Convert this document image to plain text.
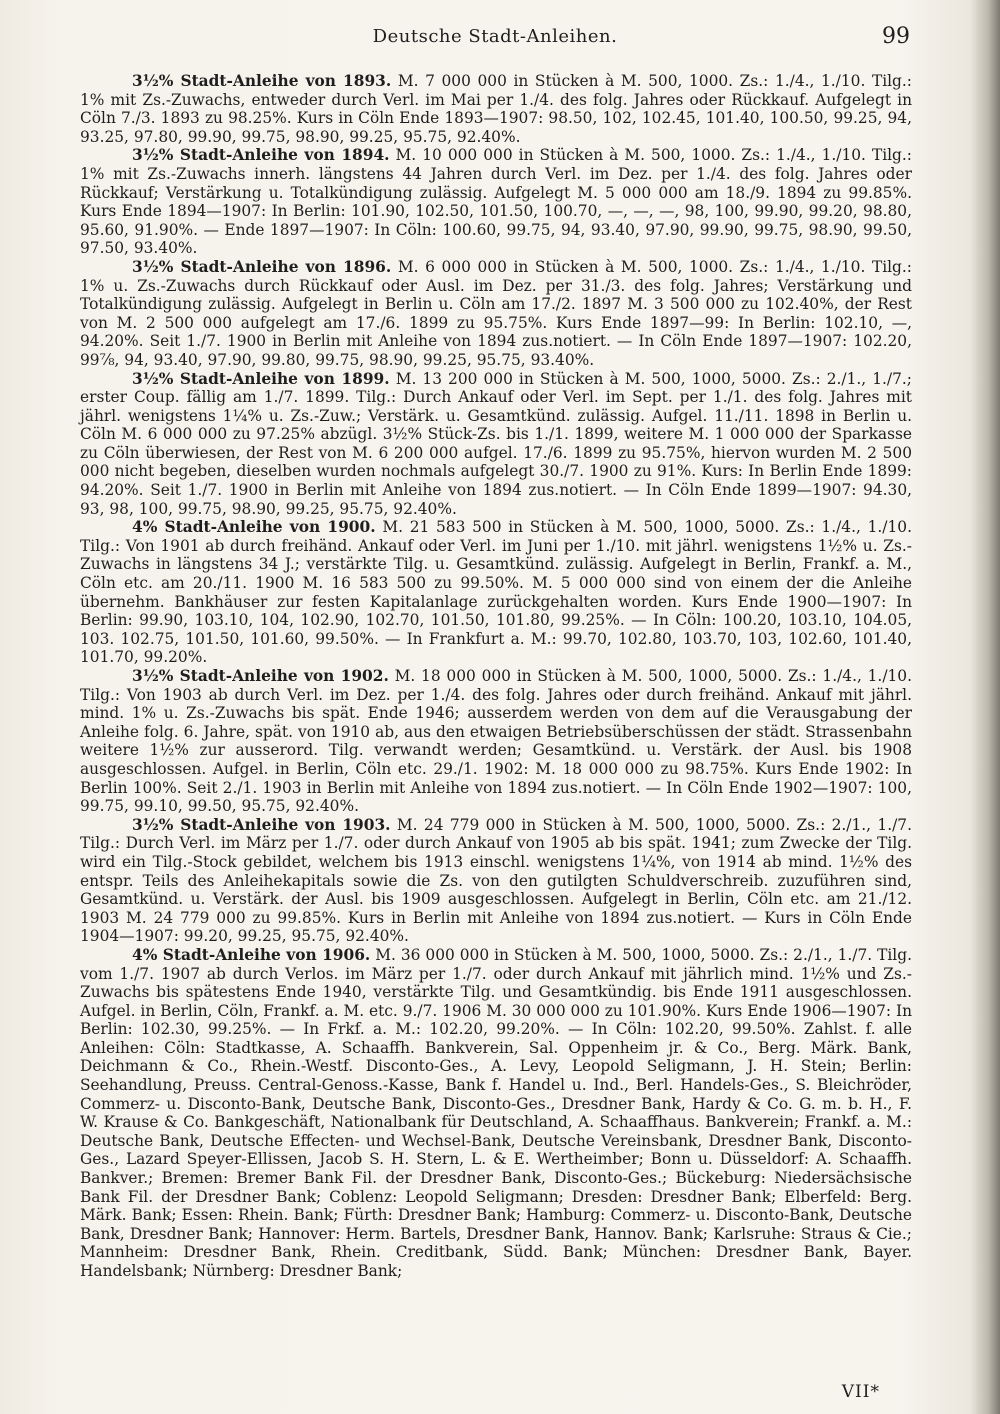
Deutsche Stadt-Anleihen.	99

3½% Stadt-Anleihe von 1893. M. 7 000 000 in Stücken à M. 500, 1000. Zs.: 1./4., 1./10. Tilg.: 1% mit Zs.-Zuwachs, entweder durch Verl. im Mai per 1./4. des folg. Jahres oder Rückkauf. Aufgelegt in Cöln 7./3. 1893 zu 98.25%. Kurs in Cöln Ende 1893—1907: 98.50, 102, 102.45, 101.40, 100.50, 99.25, 94, 93.25, 97.80, 99.90, 99.75, 98.90, 99.25, 95.75, 92.40%.

3½% Stadt-Anleihe von 1894. M. 10 000 000 in Stücken à M. 500, 1000. Zs.: 1./4., 1./10. Tilg.: 1% mit Zs.-Zuwachs innerh. längstens 44 Jahren durch Verl. im Dez. per 1./4. des folg. Jahres oder Rückkauf; Verstärkung u. Totalkündigung zulässig. Aufgelegt M. 5 000 000 am 18./9. 1894 zu 99.85%. Kurs Ende 1894—1907: In Berlin: 101.90, 102.50, 101.50, 100.70, —, —, —, 98, 100, 99.90, 99.20, 98.80, 95.60, 91.90%. — Ende 1897—1907: In Cöln: 100.60, 99.75, 94, 93.40, 97.90, 99.90, 99.75, 98.90, 99.50, 97.50, 93.40%.

3½% Stadt-Anleihe von 1896. M. 6 000 000 in Stücken à M. 500, 1000. Zs.: 1./4., 1./10. Tilg.: 1% u. Zs.-Zuwachs durch Rückkauf oder Ausl. im Dez. per 31./3. des folg. Jahres; Verstärkung und Totalkündigung zulässig. Aufgelegt in Berlin u. Cöln am 17./2. 1897 M. 3 500 000 zu 102.40%, der Rest von M. 2 500 000 aufgelegt am 17./6. 1899 zu 95.75%. Kurs Ende 1897—99: In Berlin: 102.10, —, 94.20%. Seit 1./7. 1900 in Berlin mit Anleihe von 1894 zus.notiert. — In Cöln Ende 1897—1907: 102.20, 99⅞, 94, 93.40, 97.90, 99.80, 99.75, 98.90, 99.25, 95.75, 93.40%.

3½% Stadt-Anleihe von 1899. M. 13 200 000 in Stücken à M. 500, 1000, 5000. Zs.: 2./1., 1./7.; erster Coup. fällig am 1./7. 1899. Tilg.: Durch Ankauf oder Verl. im Sept. per 1./1. des folg. Jahres mit jährl. wenigstens 1¼% u. Zs.-Zuw.; Verstärk. u. Gesamtkünd. zulässig. Aufgel. 11./11. 1898 in Berlin u. Cöln M. 6 000 000 zu 97.25% abzügl. 3½% Stück-Zs. bis 1./1. 1899, weitere M. 1 000 000 der Sparkasse zu Cöln überwiesen, der Rest von M. 6 200 000 aufgel. 17./6. 1899 zu 95.75%, hiervon wurden M. 2 500 000 nicht begeben, dieselben wurden nochmals aufgelegt 30./7. 1900 zu 91%. Kurs: In Berlin Ende 1899: 94.20%. Seit 1./7. 1900 in Berlin mit Anleihe von 1894 zus.notiert. — In Cöln Ende 1899—1907: 94.30, 93, 98, 100, 99.75, 98.90, 99.25, 95.75, 92.40%.

4% Stadt-Anleihe von 1900. M. 21 583 500 in Stücken à M. 500, 1000, 5000. Zs.: 1./4., 1./10. Tilg.: Von 1901 ab durch freihänd. Ankauf oder Verl. im Juni per 1./10. mit jährl. wenigstens 1½% u. Zs.-Zuwachs in längstens 34 J.; verstärkte Tilg. u. Gesamtkünd. zulässig. Aufgelegt in Berlin, Frankf. a. M., Cöln etc. am 20./11. 1900 M. 16 583 500 zu 99.50%. M. 5 000 000 sind von einem der die Anleihe übernehm. Bankhäuser zur festen Kapitalanlage zurückgehalten worden. Kurs Ende 1900—1907: In Berlin: 99.90, 103.10, 104, 102.90, 102.70, 101.50, 101.80, 99.25%. — In Cöln: 100.20, 103.10, 104.05, 103. 102.75, 101.50, 101.60, 99.50%. — In Frankfurt a. M.: 99.70, 102.80, 103.70, 103, 102.60, 101.40, 101.70, 99.20%.

3½% Stadt-Anleihe von 1902. M. 18 000 000 in Stücken à M. 500, 1000, 5000. Zs.: 1./4., 1./10. Tilg.: Von 1903 ab durch Verl. im Dez. per 1./4. des folg. Jahres oder durch freihänd. Ankauf mit jährl. mind. 1% u. Zs.-Zuwachs bis spät. Ende 1946; ausserdem werden von dem auf die Verausgabung der Anleihe folg. 6. Jahre, spät. von 1910 ab, aus den etwaigen Betriebsüberschüssen der städt. Strassenbahn weitere 1½% zur ausserord. Tilg. verwandt werden; Gesamtkünd. u. Verstärk. der Ausl. bis 1908 ausgeschlossen. Aufgel. in Berlin, Cöln etc. 29./1. 1902: M. 18 000 000 zu 98.75%. Kurs Ende 1902: In Berlin 100%. Seit 2./1. 1903 in Berlin mit Anleihe von 1894 zus.notiert. — In Cöln Ende 1902—1907: 100, 99.75, 99.10, 99.50, 95.75, 92.40%.

3½% Stadt-Anleihe von 1903. M. 24 779 000 in Stücken à M. 500, 1000, 5000. Zs.: 2./1., 1./7. Tilg.: Durch Verl. im März per 1./7. oder durch Ankauf von 1905 ab bis spät. 1941; zum Zwecke der Tilg. wird ein Tilg.-Stock gebildet, welchem bis 1913 einschl. wenigstens 1¼%, von 1914 ab mind. 1½% des entspr. Teils des Anleihekapitals sowie die Zs. von den gutilgten Schuldverschreib. zuzuführen sind, Gesamtkünd. u. Verstärk. der Ausl. bis 1909 ausgeschlossen. Aufgelegt in Berlin, Cöln etc. am 21./12. 1903 M. 24 779 000 zu 99.85%. Kurs in Berlin mit Anleihe von 1894 zus.notiert. — Kurs in Cöln Ende 1904—1907: 99.20, 99.25, 95.75, 92.40%.

4% Stadt-Anleihe von 1906. M. 36 000 000 in Stücken à M. 500, 1000, 5000. Zs.: 2./1., 1./7. Tilg. vom 1./7. 1907 ab durch Verlos. im März per 1./7. oder durch Ankauf mit jährlich mind. 1½% und Zs.-Zuwachs bis spätestens Ende 1940, verstärkte Tilg. und Gesamtkündig. bis Ende 1911 ausgeschlossen. Aufgel. in Berlin, Cöln, Frankf. a. M. etc. 9./7. 1906 M. 30 000 000 zu 101.90%. Kurs Ende 1906—1907: In Berlin: 102.30, 99.25%. — In Frkf. a. M.: 102.20, 99.20%. — In Cöln: 102.20, 99.50%. Zahlst. f. alle Anleihen: Cöln: Stadtkasse, A. Schaaffh. Bankverein, Sal. Oppenheim jr. & Co., Berg. Märk. Bank, Deichmann & Co., Rhein.-Westf. Disconto-Ges., A. Levy, Leopold Seligmann, J. H. Stein; Berlin: Seehandlung, Preuss. Central-Genoss.-Kasse, Bank f. Handel u. Ind., Berl. Handels-Ges., S. Bleichröder, Commerz- u. Disconto-Bank, Deutsche Bank, Disconto-Ges., Dresdner Bank, Hardy & Co. G. m. b. H., F. W. Krause & Co. Bankgeschäft, Nationalbank für Deutschland, A. Schaaffhaus. Bankverein; Frankf. a. M.: Deutsche Bank, Deutsche Effecten- und Wechsel-Bank, Deutsche Vereinsbank, Dresdner Bank, Disconto-Ges., Lazard Speyer-Ellissen, Jacob S. H. Stern, L. & E. Wertheimber; Bonn u. Düsseldorf: A. Schaaffh. Bankver.; Bremen: Bremer Bank Fil. der Dresdner Bank, Disconto-Ges.; Bückeburg: Niedersächsische Bank Fil. der Dresdner Bank; Coblenz: Leopold Seligmann; Dresden: Dresdner Bank; Elberfeld: Berg. Märk. Bank; Essen: Rhein. Bank; Fürth: Dresdner Bank; Hamburg: Commerz- u. Disconto-Bank, Deutsche Bank, Dresdner Bank; Hannover: Herm. Bartels, Dresdner Bank, Hannov. Bank; Karlsruhe: Straus & Cie.; Mannheim: Dresdner Bank, Rhein. Creditbank, Südd. Bank; München: Dresdner Bank, Bayer. Handelsbank; Nürnberg: Dresdner Bank;

VII*
